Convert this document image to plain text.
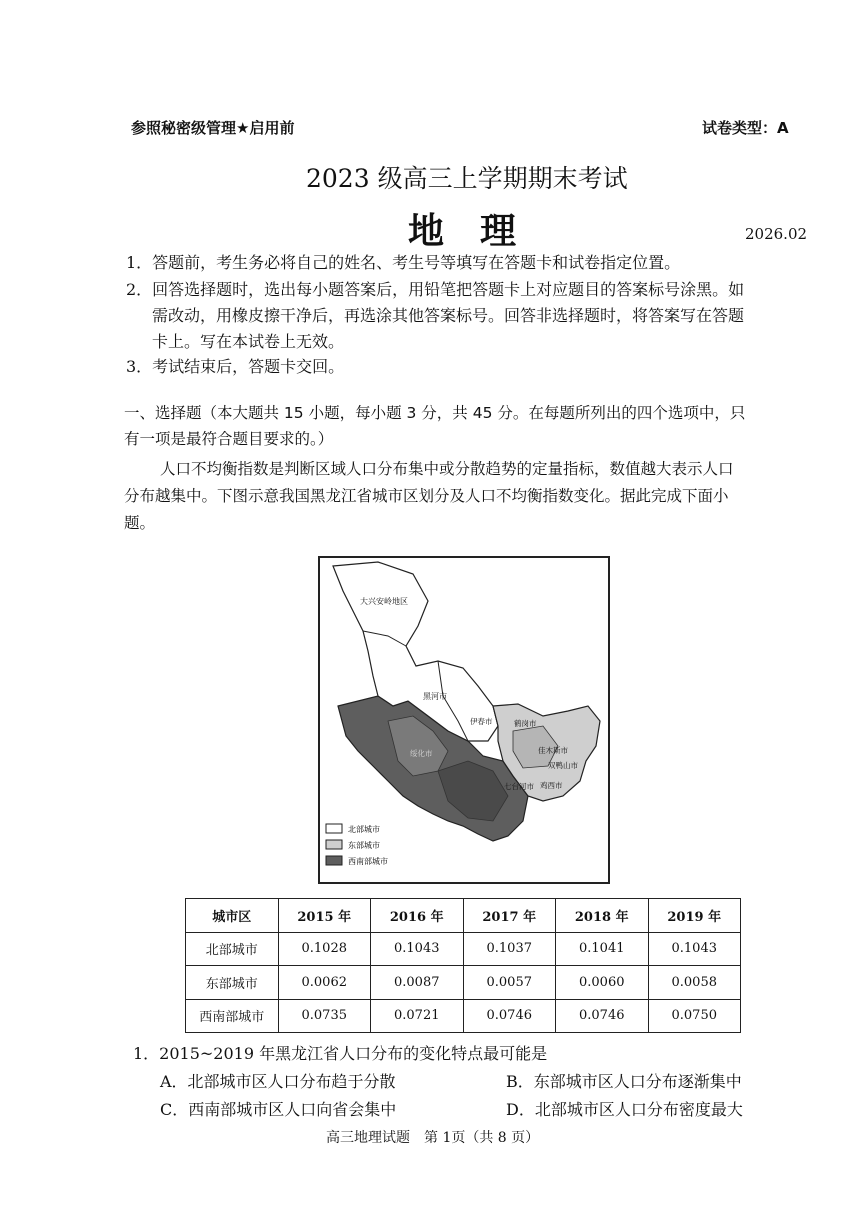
参照秘密级管理★启用前	试卷类型：A
2023 级高三上学期期末考试
地　理	2026.02
1．答题前，考生务必将自己的姓名、考生号等填写在答题卡和试卷指定位置。
2．回答选择题时，选出每小题答案后，用铅笔把答题卡上对应题目的答案标号涂黑。如
需改动，用橡皮擦干净后，再选涂其他答案标号。回答非选择题时，将答案写在答题
卡上。写在本试卷上无效。
3．考试结束后，答题卡交回。
一、选择题（本大题共 15 小题，每小题 3 分，共 45 分。在每题所列出的四个选项中，只
有一项是最符合题目要求的。）
人口不均衡指数是判断区域人口分布集中或分散趋势的定量指标，数值越大表示人口
分布越集中。下图示意我国黑龙江省城市区划分及人口不均衡指数变化。据此完成下面小
题。
大兴安岭地区
黑河市
伊春市	鹤岗市
佳木斯市
双鸭山市
七台河市 鸡西市
绥化市
北部城市
东部城市
西南部城市
城市区	2015 年	2016 年	2017 年	2018 年	2019 年
北部城市	0.1028	0.1043	0.1037	0.1041	0.1043
东部城市	0.0062	0.0087	0.0057	0.0060	0.0058
西南部城市	0.0735	0.0721	0.0746	0.0746	0.0750
1．2015~2019 年黑龙江省人口分布的变化特点最可能是
A．北部城市区人口分布趋于分散	B．东部城市区人口分布逐渐集中
C．西南部城市区人口向省会集中	D．北部城市区人口分布密度最大
高三地理试题　第 1页（共 8 页）
